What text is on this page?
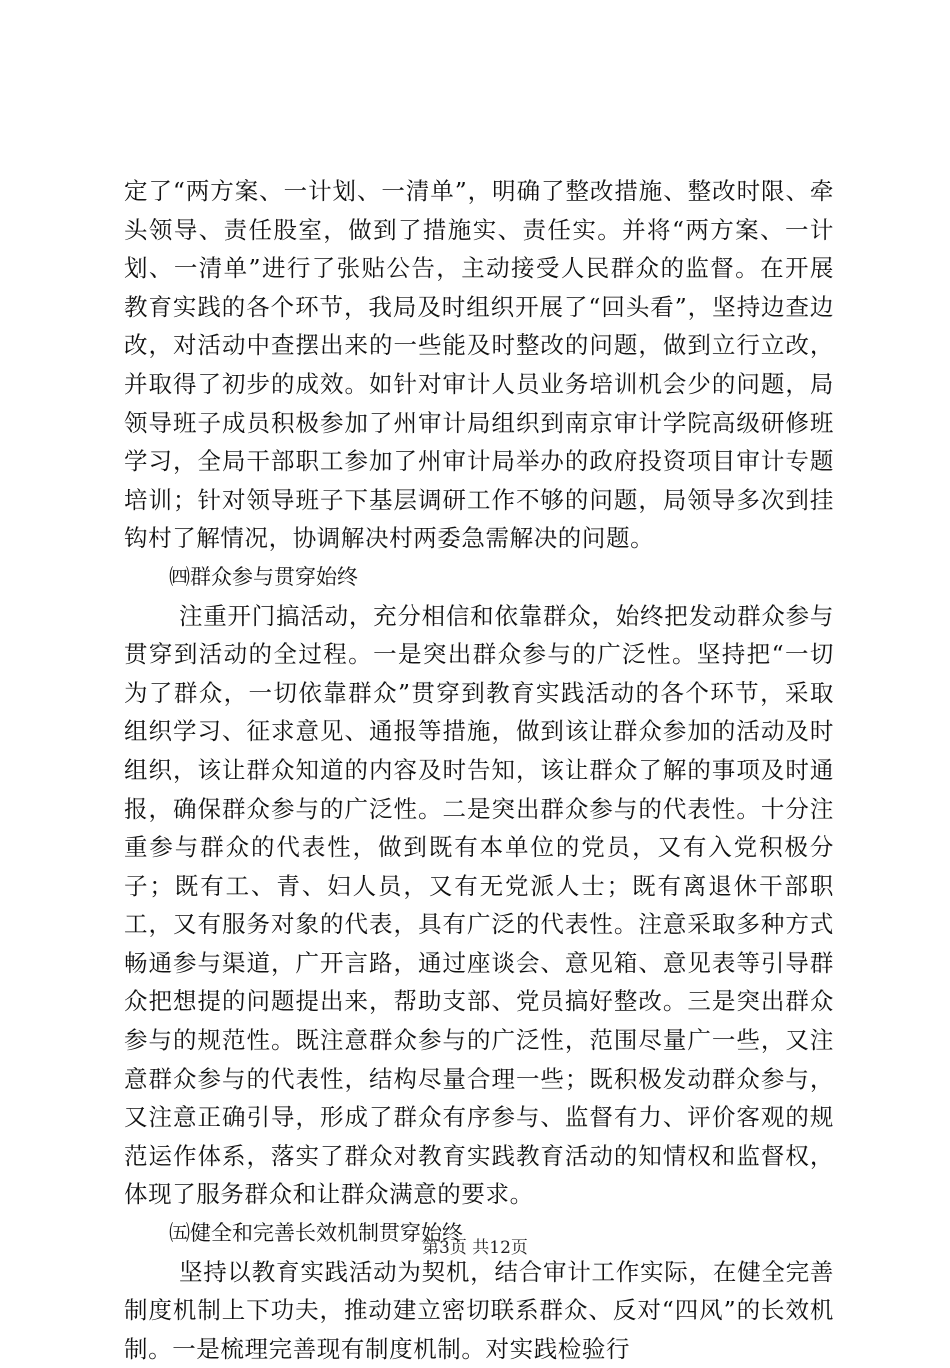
定了“两方案、一计划、一清单”，明确了整改措施、整改时限、牵头领导、责任股室，做到了措施实、责任实。并将“两方案、一计划、一清单”进行了张贴公告，主动接受人民群众的监督。在开展教育实践的各个环节，我局及时组织开展了“回头看”，坚持边查边改，对活动中查摆出来的一些能及时整改的问题，做到立行立改，并取得了初步的成效。如针对审计人员业务培训机会少的问题，局领导班子成员积极参加了州审计局组织到南京审计学院高级研修班学习，全局干部职工参加了州审计局举办的政府投资项目审计专题培训；针对领导班子下基层调研工作不够的问题，局领导多次到挂钩村了解情况，协调解决村两委急需解决的问题。

㈣群众参与贯穿始终

注重开门搞活动，充分相信和依靠群众，始终把发动群众参与贯穿到活动的全过程。一是突出群众参与的广泛性。坚持把“一切为了群众，一切依靠群众”贯穿到教育实践活动的各个环节，采取组织学习、征求意见、通报等措施，做到该让群众参加的活动及时组织，该让群众知道的内容及时告知，该让群众了解的事项及时通报，确保群众参与的广泛性。二是突出群众参与的代表性。十分注重参与群众的代表性，做到既有本单位的党员，又有入党积极分子；既有工、青、妇人员，又有无党派人士；既有离退休干部职工，又有服务对象的代表，具有广泛的代表性。注意采取多种方式畅通参与渠道，广开言路，通过座谈会、意见箱、意见表等引导群众把想提的问题提出来，帮助支部、党员搞好整改。三是突出群众参与的规范性。既注意群众参与的广泛性，范围尽量广一些，又注意群众参与的代表性，结构尽量合理一些；既积极发动群众参与，又注意正确引导，形成了群众有序参与、监督有力、评价客观的规范运作体系，落实了群众对教育实践教育活动的知情权和监督权，体现了服务群众和让群众满意的要求。

㈤健全和完善长效机制贯穿始终

坚持以教育实践活动为契机，结合审计工作实际，在健全完善制度机制上下功夫，推动建立密切联系群众、反对“四风”的长效机制。一是梳理完善现有制度机制。对实践检验行

第3页 共12页
